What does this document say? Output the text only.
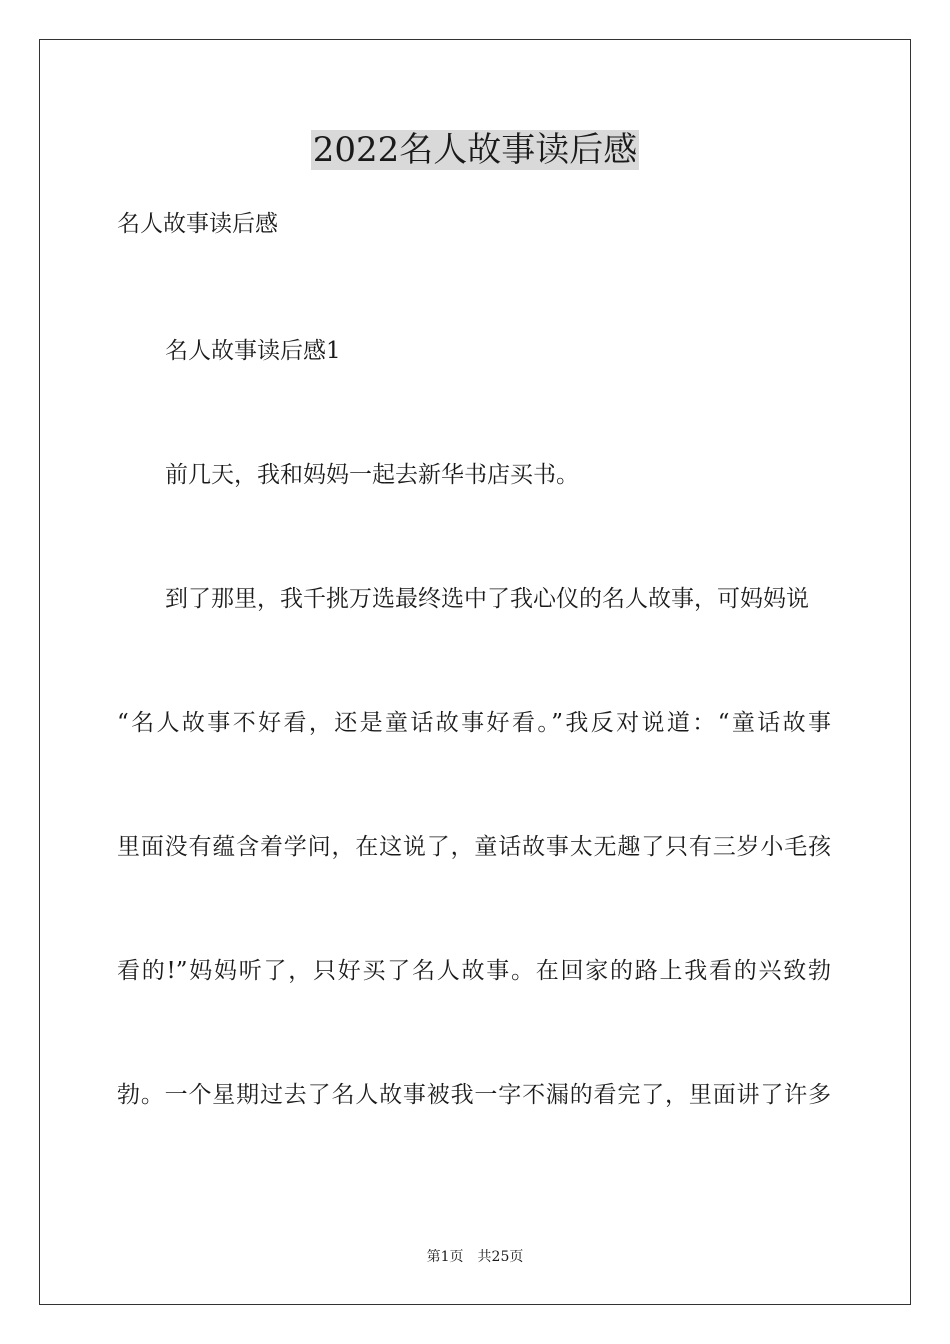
2022名人故事读后感
名人故事读后感
名人故事读后感1
前几天，我和妈妈一起去新华书店买书。
到了那里，我千挑万选最终选中了我心仪的名人故事，可妈妈说
“名人故事不好看，还是童话故事好看。”我反对说道：“童话故事
里面没有蕴含着学问，在这说了，童话故事太无趣了只有三岁小毛孩
看的!”妈妈听了，只好买了名人故事。在回家的路上我看的兴致勃
勃。一个星期过去了名人故事被我一字不漏的看完了，里面讲了许多
第1页　共25页
